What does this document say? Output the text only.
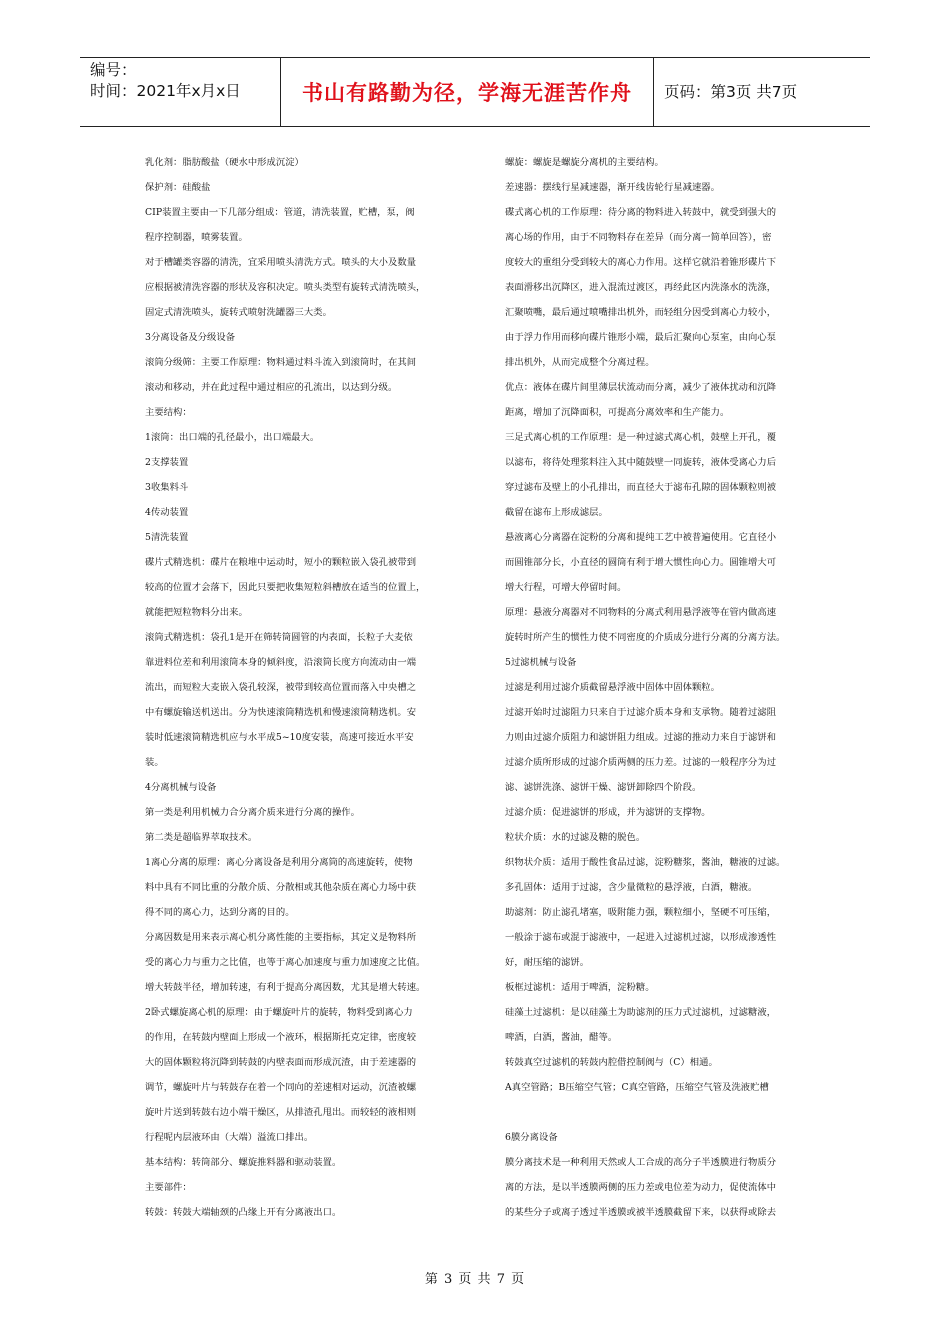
编号：
时间：2021年x月x日	书山有路勤为径，学海无涯苦作舟	页码：第3页 共7页

乳化剂：脂肪酸盐（硬水中形成沉淀）

保护剂：硅酸盐

CIP装置主要由一下几部分组成：管道，清洗装置，贮槽，泵，阀

程序控制器，喷雾装置。

对于槽罐类容器的清洗，宜采用喷头清洗方式。喷头的大小及数量

应根据被清洗容器的形状及容积决定。喷头类型有旋转式清洗喷头，

固定式清洗喷头，旋转式喷射洗罐器三大类。

3分离设备及分级设备

滚筒分级筛：主要工作原理：物料通过料斗流入到滚筒时，在其间

滚动和移动，并在此过程中通过相应的孔流出，以达到分级。

主要结构：

1滚筒：出口端的孔径最小，出口端最大。

2支撑装置

3收集料斗

4传动装置

5清洗装置

碟片式精选机：碟片在粮堆中运动时，短小的颗粒嵌入袋孔被带到

较高的位置才会落下，因此只要把收集短粒斜槽放在适当的位置上，

就能把短粒物料分出来。

滚筒式精选机：袋孔1是开在筛转筒圆管的内表面，长粒子大麦依

靠进料位差和利用滚筒本身的倾斜度，沿滚筒长度方向流动由一端

流出，而短粒大麦嵌入袋孔较深，被带到较高位置而落入中央槽之

中有螺旋输送机送出。分为快速滚筒精选机和慢速滚筒精选机。安

装时低速滚筒精选机应与水平成5~10度安装，高速可接近水平安

装。

4分离机械与设备

第一类是利用机械力合分离介质来进行分离的操作。

第二类是超临界萃取技术。

1离心分离的原理：离心分离设备是利用分离筒的高速旋转，使物

料中具有不同比重的分散介质、分散相或其他杂质在离心力场中获

得不同的离心力，达到分离的目的。

分离因数是用来表示离心机分离性能的主要指标，其定义是物料所

受的离心力与重力之比值，也等于离心加速度与重力加速度之比值。

增大转鼓半径，增加转速，有利于提高分离因数，尤其是增大转速。

2卧式螺旋离心机的原理：由于螺旋叶片的旋转，物料受到离心力

的作用，在转鼓内壁面上形成一个液环，根据斯托克定律，密度较

大的固体颗粒将沉降到转鼓的内壁表面而形成沉渣，由于差速器的

调节，螺旋叶片与转鼓存在着一个同向的差速相对运动，沉渣被螺

旋叶片送到转鼓右边小端干燥区，从排渣孔甩出。而较轻的液相则

行程呢内层液环由（大端）溢流口排出。

基本结构：转筒部分、螺旋推料器和驱动装置。

主要部件：

转鼓：转鼓大端轴颈的凸缘上开有分离液出口。

螺旋：螺旋是螺旋分离机的主要结构。

差速器：摆线行星减速器，渐开线齿轮行星减速器。

碟式离心机的工作原理：待分离的物料进入转鼓中，就受到强大的

离心场的作用，由于不同物料存在差异（而分离一简单回答），密

度较大的重组分受到较大的离心力作用。这样它就沿着锥形碟片下

表面滑移出沉降区，进入混流过渡区，再经此区内洗涤水的洗涤，

汇聚喷嘴，最后通过喷嘴排出机外，而轻组分因受到离心力较小，

由于浮力作用而移向碟片锥形小端，最后汇聚向心泵室，由向心泵

排出机外，从而完成整个分离过程。

优点：液体在碟片间里薄层状流动而分离，减少了液体扰动和沉降

距离，增加了沉降面积，可提高分离效率和生产能力。

三足式离心机的工作原理：是一种过滤式离心机，鼓壁上开孔，覆

以滤布，将待处理浆料注入其中随鼓壁一同旋转，液体受离心力后

穿过滤布及壁上的小孔排出，而直径大于滤布孔隙的固体颗粒则被

截留在滤布上形成滤层。

悬液离心分离器在淀粉的分离和提纯工艺中被普遍使用。它直径小

而圆锥部分长，小直径的圆筒有利于增大惯性向心力。圆锥增大可

增大行程，可增大停留时间。

原理：悬液分离器对不同物料的分离式利用悬浮液等在管内做高速

旋转时所产生的惯性力使不同密度的介质成分进行分离的分离方法。

5过滤机械与设备

过滤是利用过滤介质截留悬浮液中固体中固体颗粒。

过滤开始时过滤阻力只来自于过滤介质本身和支承物。随着过滤阻

力则由过滤介质阻力和滤饼阻力组成。过滤的推动力来自于滤饼和

过滤介质所形成的过滤介质两侧的压力差。过滤的一般程序分为过

滤、滤饼洗涤、滤饼干燥、滤饼卸除四个阶段。

过滤介质：促进滤饼的形成，并为滤饼的支撑物。

粒状介质：水的过滤及糖的脱色。

织物状介质：适用于酸性食品过滤，淀粉糖浆，酱油，糖液的过滤。

多孔固体：适用于过滤，含少量微粒的悬浮液，白酒，糖液。

助滤剂：防止滤孔堵塞，吸附能力强，颗粒细小，坚硬不可压缩，

一般涂于滤布或混于滤液中，一起进入过滤机过滤，以形成渗透性

好，耐压缩的滤饼。

板框过滤机：适用于啤酒，淀粉糖。

硅藻土过滤机：是以硅藻土为助滤剂的压力式过滤机，过滤糖液，

啤酒，白酒，酱油，醋等。

转鼓真空过滤机的转鼓内腔借控制阀与（C）相通。

A真空管路；B压缩空气管；C真空管路，压缩空气管及洗液贮槽

6膜分离设备

膜分离技术是一种利用天然或人工合成的高分子半透膜进行物质分

离的方法，是以半透膜两侧的压力差或电位差为动力，促使流体中

的某些分子或离子透过半透膜或被半透膜截留下来，以获得或除去

第 3 页 共 7 页
